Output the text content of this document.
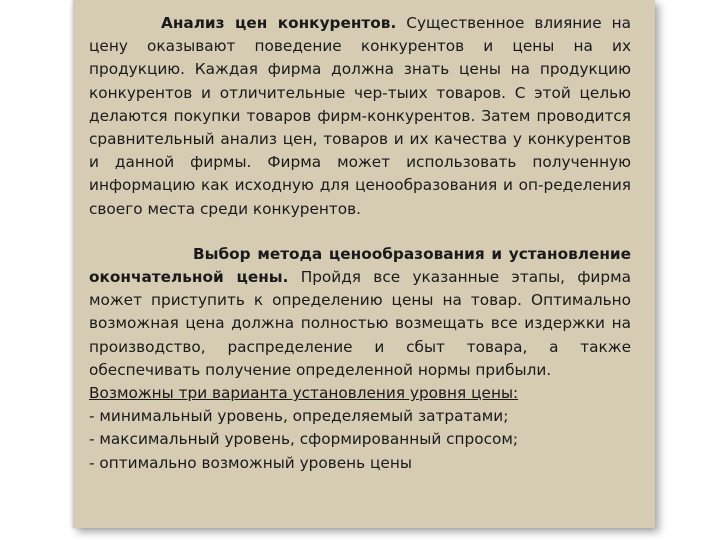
Анализ цен конкурентов. Существенное влияние на цену оказывают поведение конкурентов и цены на их продукцию. Каждая фирма должна знать цены на продукцию конкурентов и отличительные чер-тыих товаров. С этой целью делаются покупки товаров фирм-конкурентов. Затем проводится сравнительный анализ цен, товаров и их качества у конкурентов и данной фирмы. Фирма может использовать полученную информацию как исходную для ценообразования и оп-ределения своего места среди конкурентов.

Выбор метода ценообразования и установление окончательной цены. Пройдя все указанные этапы, фирма может приступить к определению цены на товар. Оптимально возможная цена должна полностью возмещать все издержки на производство, распределение и сбыт товара, а также обеспечивать получение определенной нормы прибыли.

Возможны три варианта установления уровня цены:
- минимальный уровень, определяемый затратами;
- максимальный уровень, сформированный спросом;
- оптимально возможный уровень цены
